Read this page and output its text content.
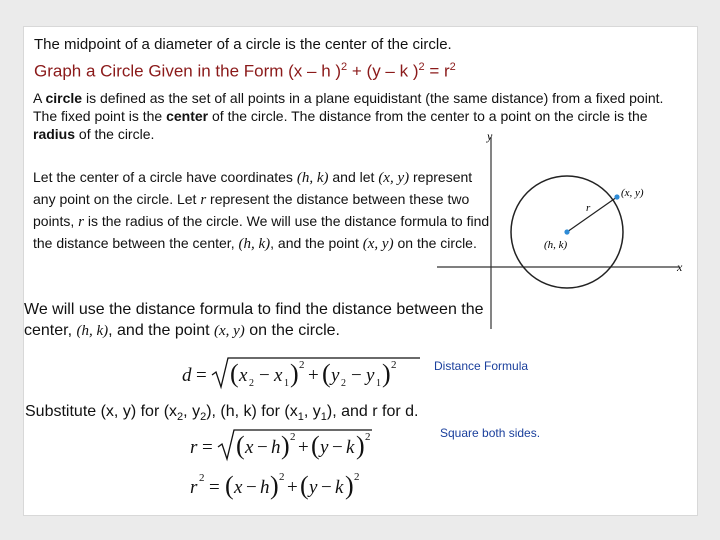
The midpoint of a diameter of a circle is the center of the circle.
Graph a Circle Given in the Form (x – h )$^2$ + (y – k )$^2 = r^2$
A circle is defined as the set of all points in a plane equidistant (the same distance) from a fixed point. The fixed point is the center of the circle. The distance from the center to a point on the circle is the radius of the circle.
Let the center of a circle have coordinates (h, k) and let (x, y) represent any point on the circle. Let r represent the distance between these two points, r is the radius of the circle. We will use the distance formula to find the distance between the center, (h, k), and the point (x, y) on the circle.
y
x
(x, y)
(h, k)
r
We will use the distance formula to find the distance between the center, (h, k), and the point (x, y) on the circle.
d = ( x 2 − x 1 ) 2 + ( y 2 − y 1 ) 2	Distance Formula
Substitute (x, y) for ($x_2$, $y_2$), (h, k) for ($x_1$, $y_1$), and r for d.
Square both sides.
r = ( x − h ) 2 + ( y − k ) 2
r 2 = ( x − h ) 2 + ( y − k ) 2
